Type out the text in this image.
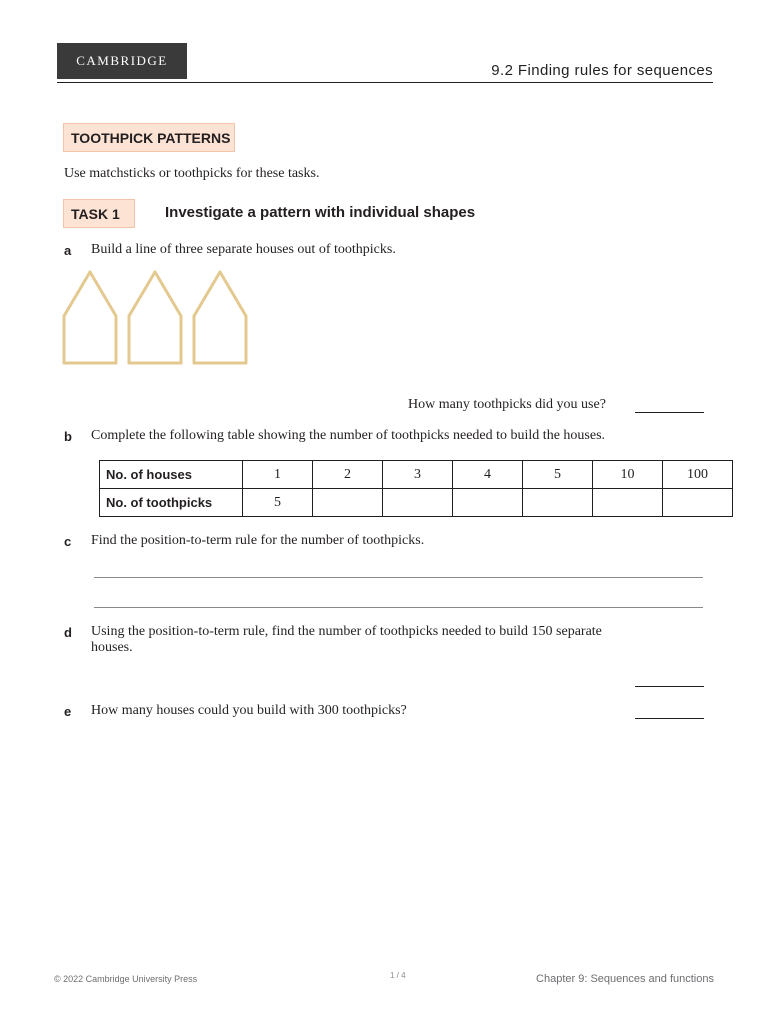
CAMBRIDGE
9.2 Finding rules for sequences
TOOTHPICK PATTERNS
Use matchsticks or toothpicks for these tasks.
TASK 1	Investigate a pattern with individual shapes
a Build a line of three separate houses out of toothpicks.
How many toothpicks did you use?
b Complete the following table showing the number of toothpicks needed to build the houses.
No. of houses	1	2	3	4	5	10	100
No. of toothpicks	5						
c Find the position-to-term rule for the number of toothpicks.
d Using the position-to-term rule, find the number of toothpicks needed to build 150 separate
houses.
e How many houses could you build with 300 toothpicks?
© 2022 Cambridge University Press	1 / 4	Chapter 9: Sequences and functions
